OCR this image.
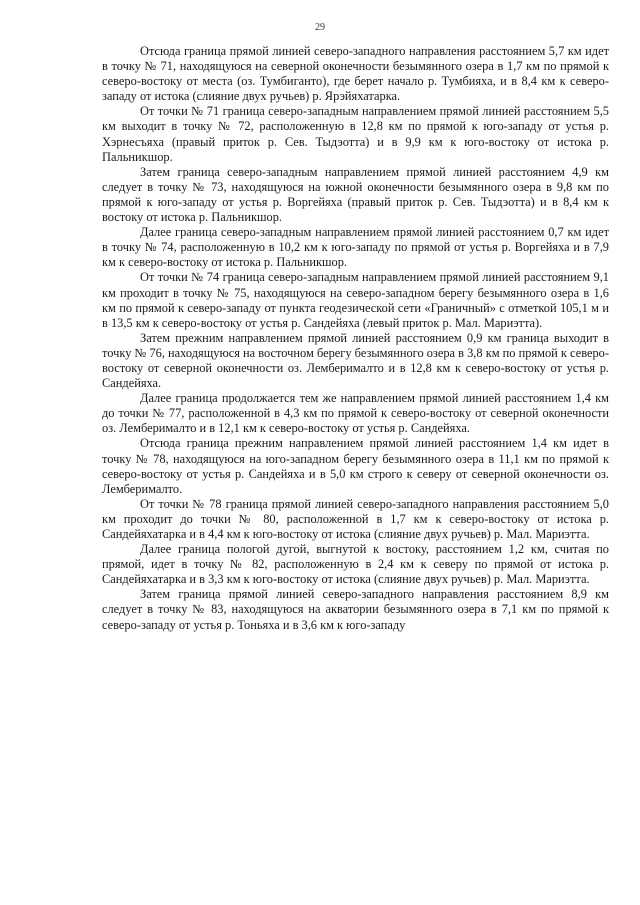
29

Отсюда граница прямой линией северо-западного направления расстоянием 5,7 км идет в точку № 71, находящуюся на северной оконечности безымянного озера в 1,7 км по прямой к северо-востоку от места (оз. Тумбиганто), где берет начало р. Тумбияха, и в 8,4 км к северо-западу от истока (слияние двух ручьев) р. Ярэйяхатарка.

От точки № 71 граница северо-западным направлением прямой линией расстоянием 5,5 км выходит в точку № 72, расположенную в 12,8 км по прямой к юго-западу от устья р. Хэрнесъяха (правый приток р. Сев. Тыдэотта) и в 9,9 км к юго-востоку от истока р. Пальникшор.

Затем граница северо-западным направлением прямой линией расстоянием 4,9 км следует в точку № 73, находящуюся на южной оконечности безымянного озера в 9,8 км по прямой к юго-западу от устья р. Воргейяха (правый приток р. Сев. Тыдэотта) и в 8,4 км к востоку от истока р. Пальникшор.

Далее граница северо-западным направлением прямой линией расстоянием 0,7 км идет в точку № 74, расположенную в 10,2 км к юго-западу по прямой от устья р. Воргейяха и в 7,9 км к северо-востоку от истока р. Пальникшор.

От точки № 74 граница северо-западным направлением прямой линией расстоянием 9,1 км проходит в точку № 75, находящуюся на северо-западном берегу безымянного озера в 1,6 км по прямой к северо-западу от пункта геодезической сети «Граничный» с отметкой 105,1 м и в 13,5 км к северо-востоку от устья р. Сандейяха (левый приток р. Мал. Мариэтта).

Затем прежним направлением прямой линией расстоянием 0,9 км граница выходит в точку № 76, находящуюся на восточном берегу безымянного озера в 3,8 км по прямой к северо-востоку от северной оконечности оз. Лемберималто и в 12,8 км к северо-востоку от устья р. Сандейяха.

Далее граница продолжается тем же направлением прямой линией расстоянием 1,4 км до точки № 77, расположенной в 4,3 км по прямой к северо-востоку от северной оконечности оз. Лемберималто и в 12,1 км к северо-востоку от устья р. Сандейяха.

Отсюда граница прежним направлением прямой линией расстоянием 1,4 км идет в точку № 78, находящуюся на юго-западном берегу безымянного озера в 11,1 км по прямой к северо-востоку от устья р. Сандейяха и в 5,0 км строго к северу от северной оконечности оз. Лемберималто.

От точки № 78 граница прямой линией северо-западного направления расстоянием 5,0 км проходит до точки № 80, расположенной в 1,7 км к северо-востоку от истока р. Сандейяхатарка и в 4,4 км к юго-востоку от истока (слияние двух ручьев) р. Мал. Мариэтта.

Далее граница пологой дугой, выгнутой к востоку, расстоянием 1,2 км, считая по прямой, идет в точку № 82, расположенную в 2,4 км к северу по прямой от истока р. Сандейяхатарка и в 3,3 км к юго-востоку от истока (слияние двух ручьев) р. Мал. Мариэтта.

Затем граница прямой линией северо-западного направления расстоянием 8,9 км следует в точку № 83, находящуюся на акватории безымянного озера в 7,1 км по прямой к северо-западу от устья р. Тоньяха и в 3,6 км к юго-западу
